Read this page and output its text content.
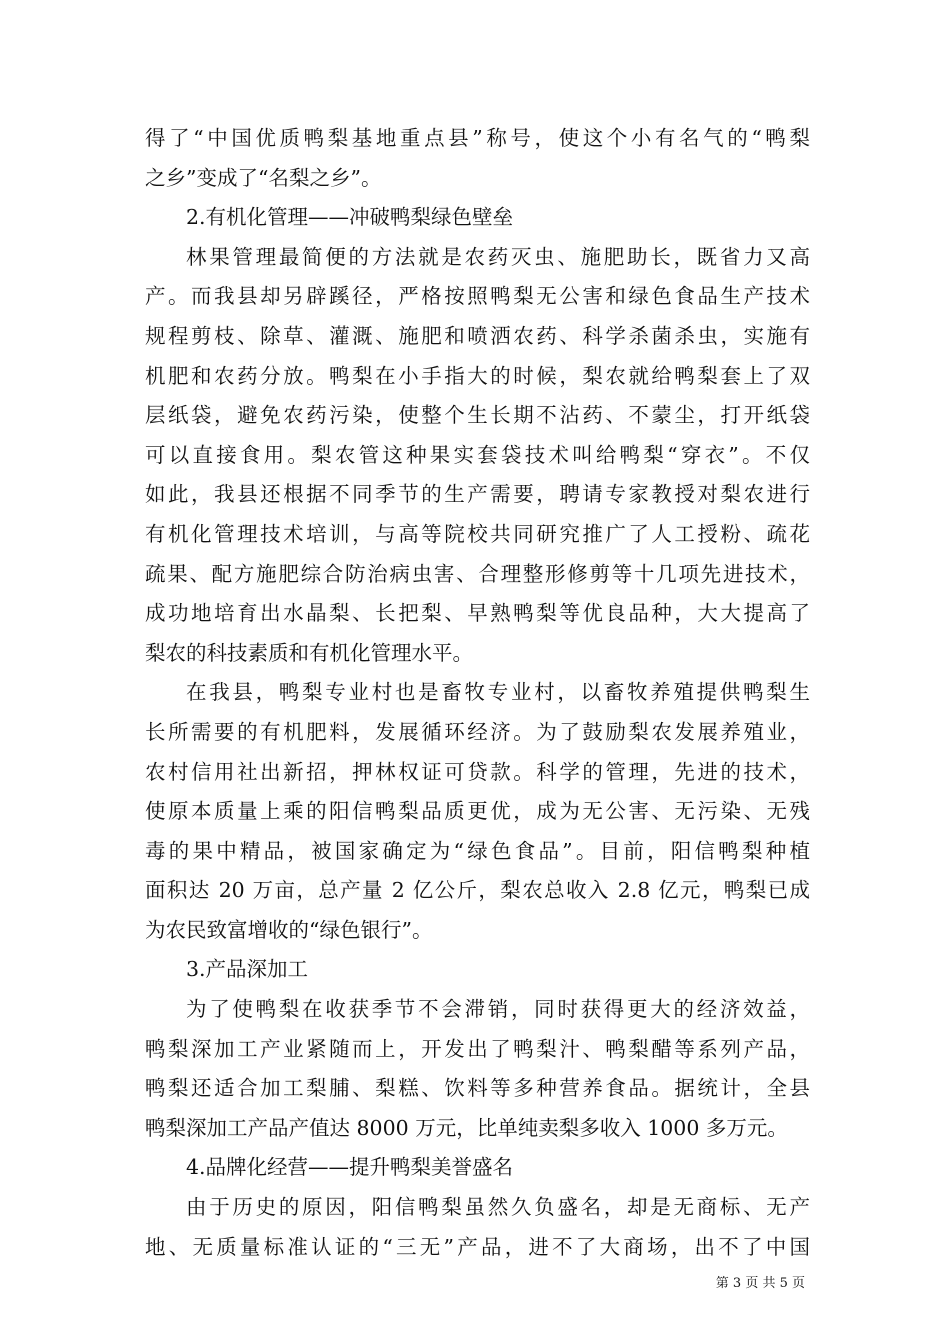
得了“中国优质鸭梨基地重点县”称号，使这个小有名气的“鸭梨
之乡”变成了“名梨之乡”。
2.有机化管理——冲破鸭梨绿色壁垒
林果管理最简便的方法就是农药灭虫、施肥助长，既省力又高
产。而我县却另辟蹊径，严格按照鸭梨无公害和绿色食品生产技术
规程剪枝、除草、灌溉、施肥和喷洒农药、科学杀菌杀虫，实施有
机肥和农药分放。鸭梨在小手指大的时候，梨农就给鸭梨套上了双
层纸袋，避免农药污染，使整个生长期不沾药、不蒙尘，打开纸袋
可以直接食用。梨农管这种果实套袋技术叫给鸭梨“穿衣”。不仅
如此，我县还根据不同季节的生产需要，聘请专家教授对梨农进行
有机化管理技术培训，与高等院校共同研究推广了人工授粉、疏花
疏果、配方施肥综合防治病虫害、合理整形修剪等十几项先进技术，
成功地培育出水晶梨、长把梨、早熟鸭梨等优良品种，大大提高了
梨农的科技素质和有机化管理水平。
在我县，鸭梨专业村也是畜牧专业村，以畜牧养殖提供鸭梨生
长所需要的有机肥料，发展循环经济。为了鼓励梨农发展养殖业，
农村信用社出新招，押林权证可贷款。科学的管理，先进的技术，
使原本质量上乘的阳信鸭梨品质更优，成为无公害、无污染、无残
毒的果中精品，被国家确定为“绿色食品”。目前，阳信鸭梨种植
面积达 20 万亩，总产量 2 亿公斤，梨农总收入 2.8 亿元，鸭梨已成
为农民致富增收的“绿色银行”。
3.产品深加工
为了使鸭梨在收获季节不会滞销，同时获得更大的经济效益，
鸭梨深加工产业紧随而上，开发出了鸭梨汁、鸭梨醋等系列产品，
鸭梨还适合加工梨脯、梨糕、饮料等多种营养食品。据统计，全县
鸭梨深加工产品产值达 8000 万元，比单纯卖梨多收入 1000 多万元。
4.品牌化经营——提升鸭梨美誉盛名
由于历史的原因，阳信鸭梨虽然久负盛名，却是无商标、无产
地、无质量标准认证的“三无”产品，进不了大商场，出不了中国
第 3 页 共 5 页
